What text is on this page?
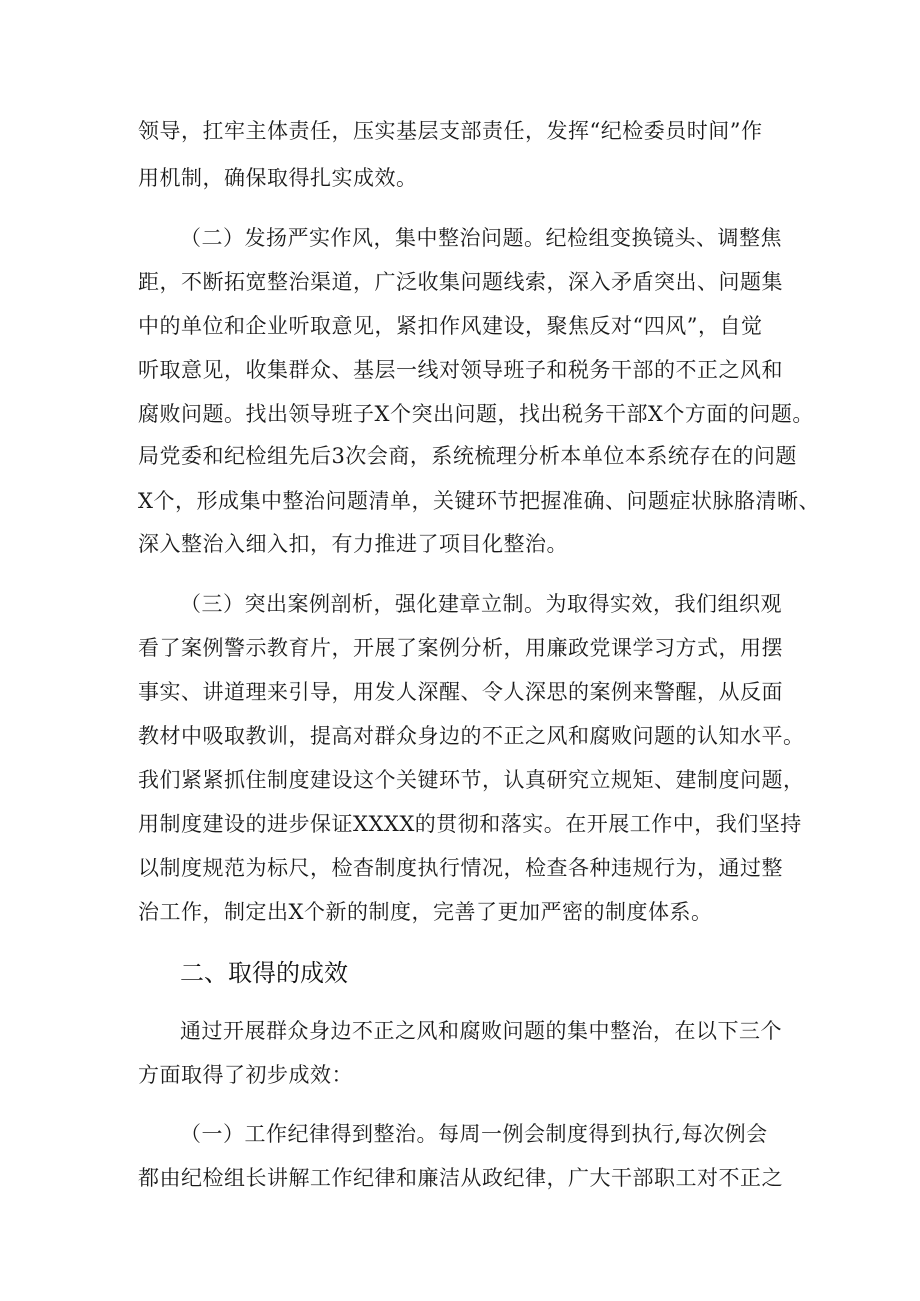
领导，扛牢主体责任，压实基层支部责任，发挥“纪检委员时间”作

用机制，确保取得扎实成效。

（二）发扬严实作风，集中整治问题。纪检组变换镜头、调整焦

距，不断拓宽整治渠道，广泛收集问题线索，深入矛盾突出、问题集

中的单位和企业听取意见，紧扣作风建设，聚焦反对“四风”，自觉

听取意见，收集群众、基层一线对领导班子和税务干部的不正之风和

腐败问题。找出领导班子X个突出问题，找出税务干部X个方面的问题。

局党委和纪检组先后3次会商，系统梳理分析本单位本系统存在的问题

X个，形成集中整治问题清单，关键环节把握准确、问题症状脉胳清晰、

深入整治入细入扣，有力推进了项目化整治。

（三）突出案例剖析，强化建章立制。为取得实效，我们组织观

看了案例警示教育片，开展了案例分析，用廉政党课学习方式，用摆

事实、讲道理来引导，用发人深醒、令人深思的案例来警醒，从反面

教材中吸取教训，提高对群众身边的不正之风和腐败问题的认知水平。

我们紧紧抓住制度建设这个关键环节，认真研究立规矩、建制度问题，

用制度建设的进步保证XXXX的贯彻和落实。在开展工作中，我们坚持

以制度规范为标尺，检杳制度执行情况，检查各种违规行为，通过整

治工作，制定出X个新的制度，完善了更加严密的制度体系。

二、取得的成效

通过开展群众身边不正之风和腐败问题的集中整治，在以下三个

方面取得了初步成效：

（一）工作纪律得到整治。每周一例会制度得到执行,每次例会

都由纪检组长讲解工作纪律和廉洁从政纪律，广大干部职工对不正之
